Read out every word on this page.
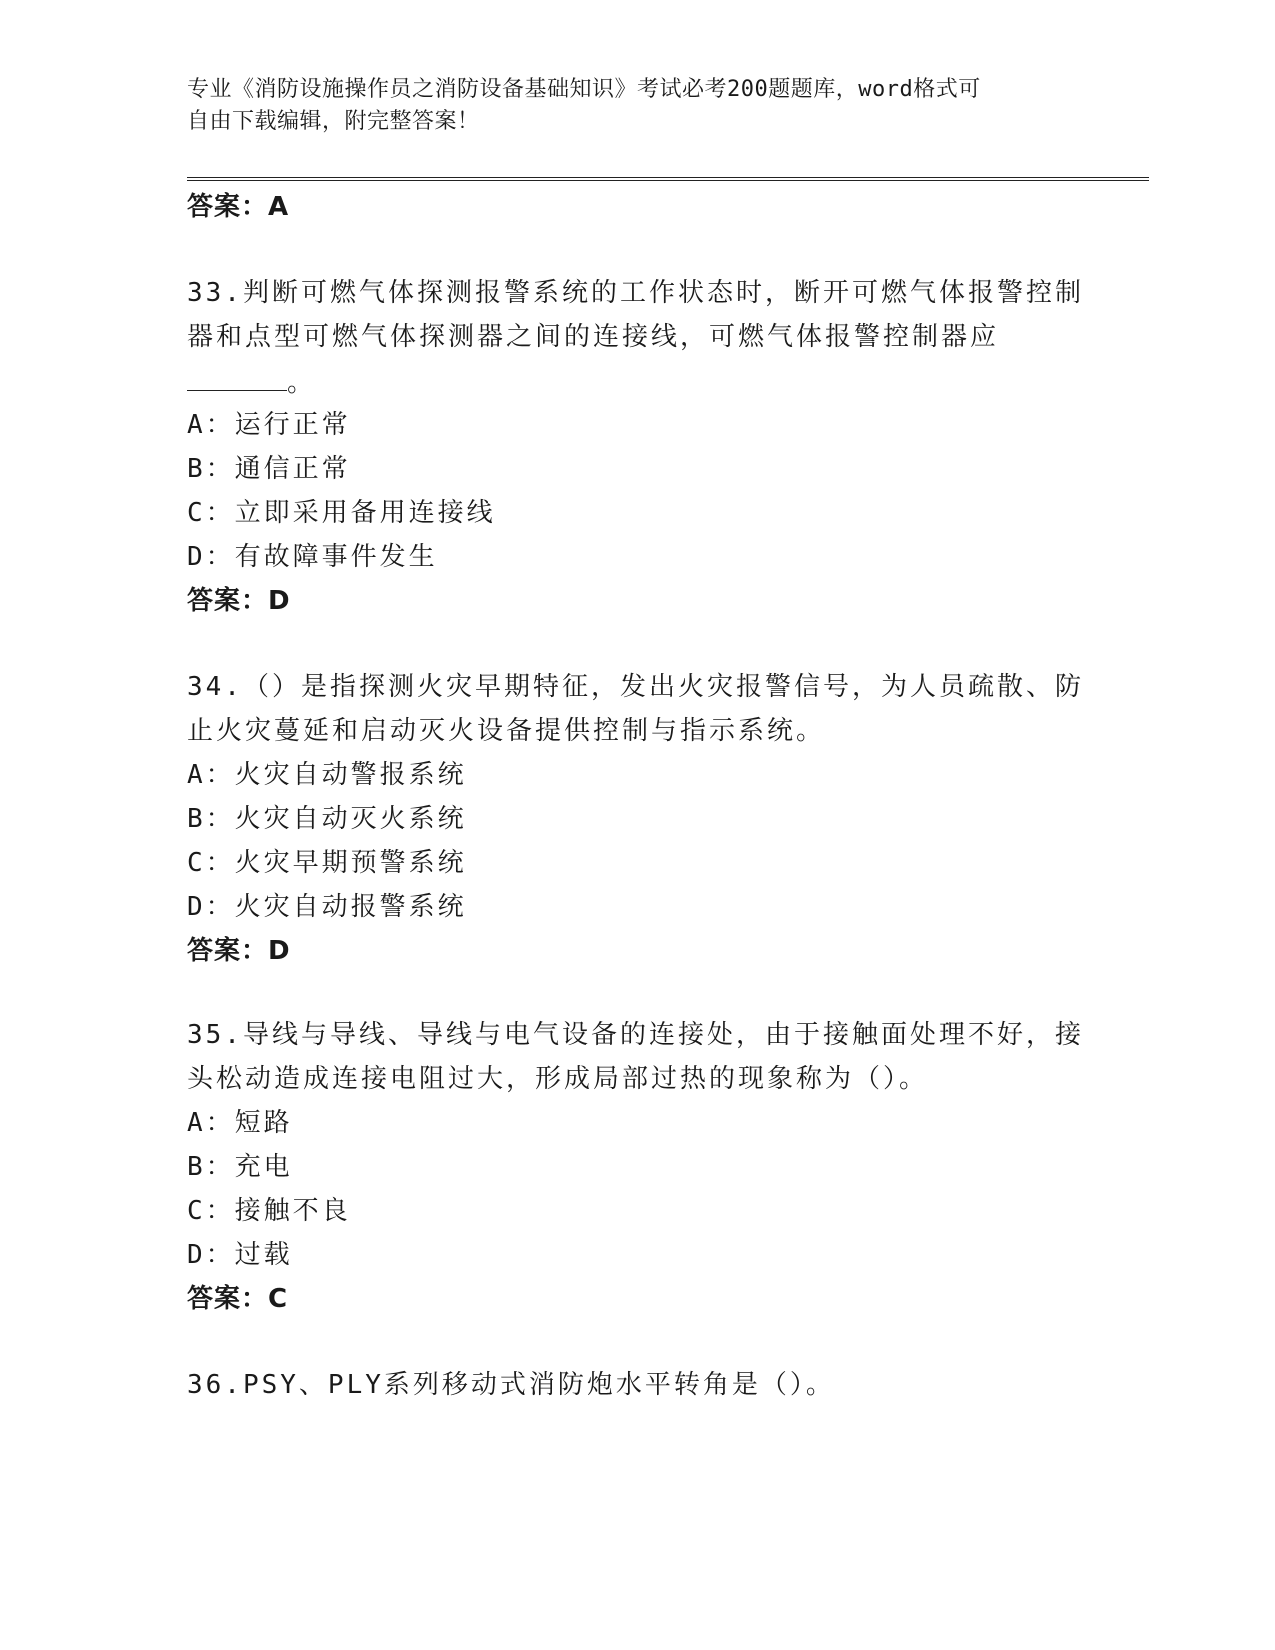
专业《消防设施操作员之消防设备基础知识》考试必考200题题库，word格式可
自由下载编辑，附完整答案！
答案：A
33.判断可燃气体探测报警系统的工作状态时，断开可燃气体报警控制
器和点型可燃气体探测器之间的连接线，可燃气体报警控制器应
。
A：运行正常
B：通信正常
C：立即采用备用连接线
D：有故障事件发生
答案：D
34.（）是指探测火灾早期特征，发出火灾报警信号，为人员疏散、防
止火灾蔓延和启动灭火设备提供控制与指示系统。
A：火灾自动警报系统
B：火灾自动灭火系统
C：火灾早期预警系统
D：火灾自动报警系统
答案：D
35.导线与导线、导线与电气设备的连接处，由于接触面处理不好，接
头松动造成连接电阻过大，形成局部过热的现象称为（）。
A：短路
B：充电
C：接触不良
D：过载
答案：C
36.PSY、PLY系列移动式消防炮水平转角是（）。
